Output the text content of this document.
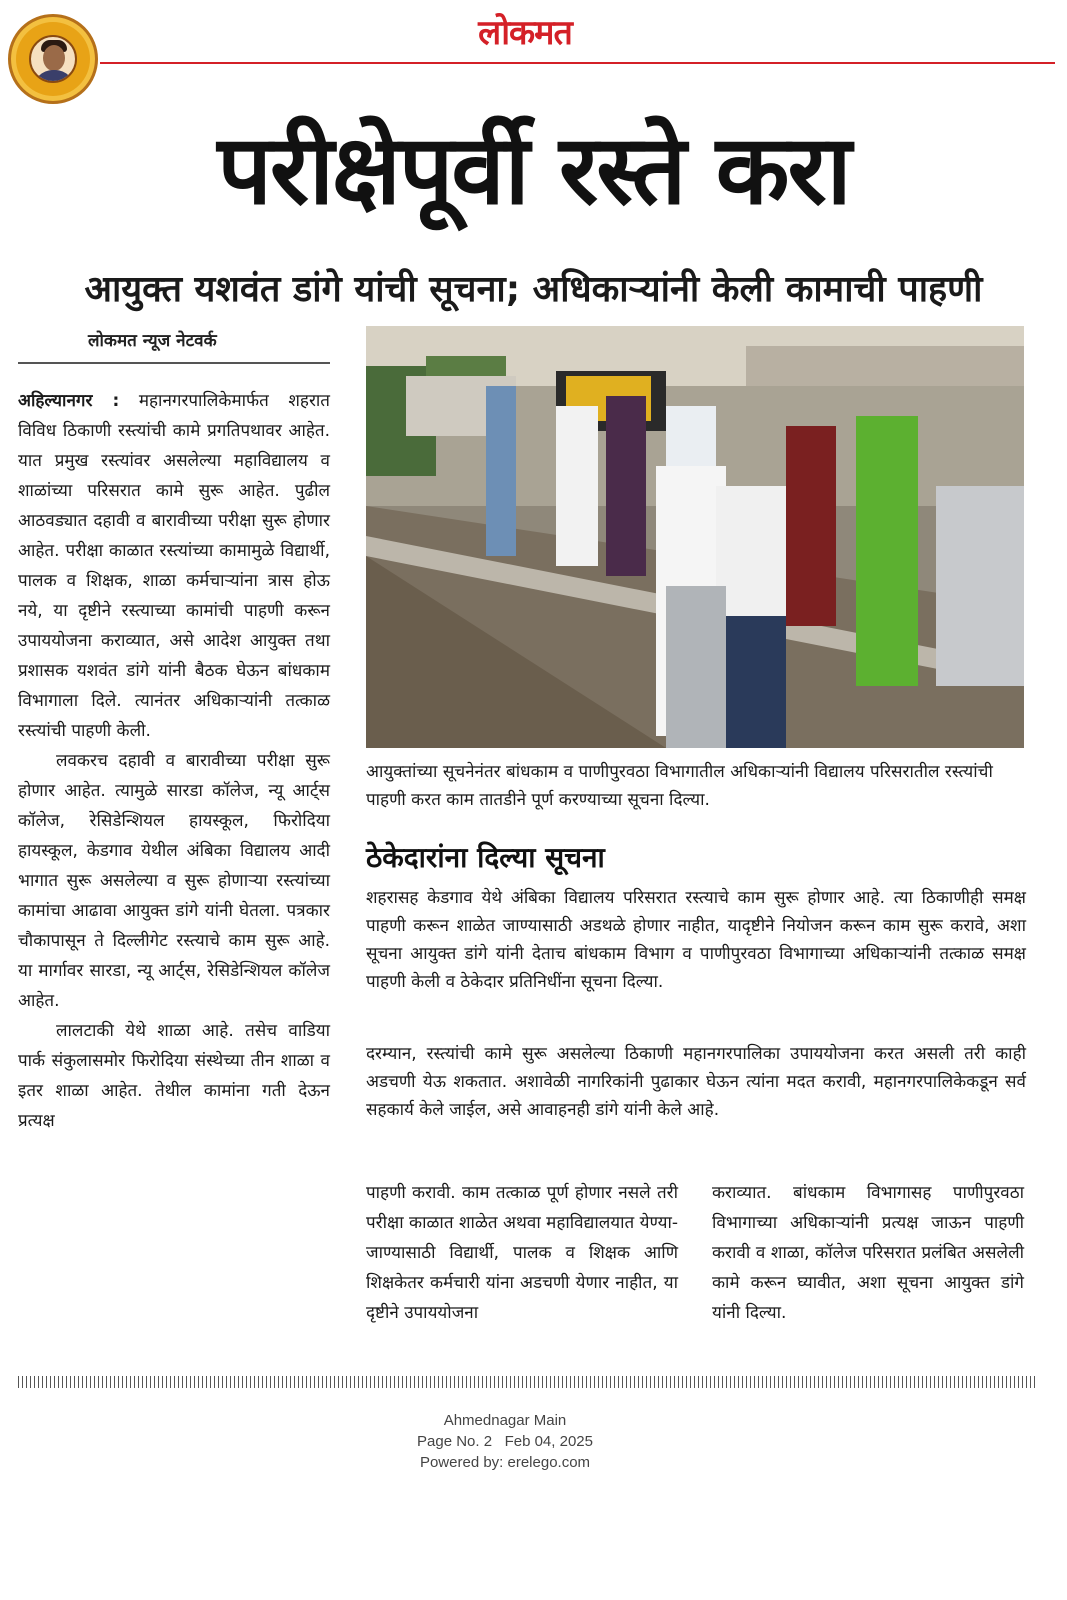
लोकमत
परीक्षेपूर्वी रस्ते करा
आयुक्त यशवंत डांगे यांची सूचना; अधिकाऱ्यांनी केली कामाची पाहणी
लोकमत न्यूज नेटवर्क

अहिल्यानगर : महानगरपालिकेमार्फत शहरात विविध ठिकाणी रस्त्यांची कामे प्रगतिपथावर आहेत. यात प्रमुख रस्त्यांवर असलेल्या महाविद्यालय व शाळांच्या परिसरात कामे सुरू आहेत. पुढील आठवड्यात दहावी व बारावीच्या परीक्षा सुरू होणार आहेत. परीक्षा काळात रस्त्यांच्या कामामुळे विद्यार्थी, पालक व शिक्षक, शाळा कर्मचाऱ्यांना त्रास होऊ नये, या दृष्टीने रस्त्याच्या कामांची पाहणी करून उपाययोजना कराव्यात, असे आदेश आयुक्त तथा प्रशासक यशवंत डांगे यांनी बैठक घेऊन बांधकाम विभागाला दिले. त्यानंतर अधिकाऱ्यांनी तत्काळ रस्त्यांची पाहणी केली.

लवकरच दहावी व बारावीच्या परीक्षा सुरू होणार आहेत. त्यामुळे सारडा कॉलेज, न्यू आर्ट्स कॉलेज, रेसिडेन्शियल हायस्कूल, फिरोदिया हायस्कूल, केडगाव येथील अंबिका विद्यालय आदी भागात सुरू असलेल्या व सुरू होणाऱ्या रस्त्यांच्या कामांचा आढावा आयुक्त डांगे यांनी घेतला. पत्रकार चौकापासून ते दिल्लीगेट रस्त्याचे काम सुरू आहे. या मार्गावर सारडा, न्यू आर्ट्स, रेसिडेन्शियल कॉलेज आहेत.

लालटाकी येथे शाळा आहे. तसेच वाडिया पार्क संकुलासमोर फिरोदिया संस्थेच्या तीन शाळा व इतर शाळा आहेत. तेथील कामांना गती देऊन प्रत्यक्ष

आयुक्तांच्या सूचनेनंतर बांधकाम व पाणीपुरवठा विभागातील अधिकाऱ्यांनी विद्यालय परिसरातील रस्त्यांची पाहणी करत काम तातडीने पूर्ण करण्याच्या सूचना दिल्या.
ठेकेदारांना दिल्या सूचना

शहरासह केडगाव येथे अंबिका विद्यालय परिसरात रस्त्याचे काम सुरू होणार आहे. त्या ठिकाणीही समक्ष पाहणी करून शाळेत जाण्यासाठी अडथळे होणार नाहीत, यादृष्टीने नियोजन करून काम सुरू करावे, अशा सूचना आयुक्त डांगे यांनी देताच बांधकाम विभाग व पाणीपुरवठा विभागाच्या अधिकाऱ्यांनी तत्काळ समक्ष पाहणी केली व ठेकेदार प्रतिनिधींना सूचना दिल्या.

दरम्यान, रस्त्यांची कामे सुरू असलेल्या ठिकाणी महानगरपालिका उपाययोजना करत असली तरी काही अडचणी येऊ शकतात. अशावेळी नागरिकांनी पुढाकार घेऊन त्यांना मदत करावी, महानगरपालिकेकडून सर्व सहकार्य केले जाईल, असे आवाहनही डांगे यांनी केले आहे.

पाहणी करावी. काम तत्काळ पूर्ण होणार नसले तरी परीक्षा काळात शाळेत अथवा महाविद्यालयात येण्या-जाण्यासाठी विद्यार्थी, पालक व शिक्षक आणि शिक्षकेतर कर्मचारी यांना अडचणी येणार नाहीत, या दृष्टीने उपाययोजना

कराव्यात. बांधकाम विभागासह पाणीपुरवठा विभागाच्या अधिकाऱ्यांनी प्रत्यक्ष जाऊन पाहणी करावी व शाळा, कॉलेज परिसरात प्रलंबित असलेली कामे करून घ्यावीत, अशा सूचना आयुक्त डांगे यांनी दिल्या.

Ahmednagar Main
Page No. 2 Feb 04, 2025
Powered by: erelego.com
